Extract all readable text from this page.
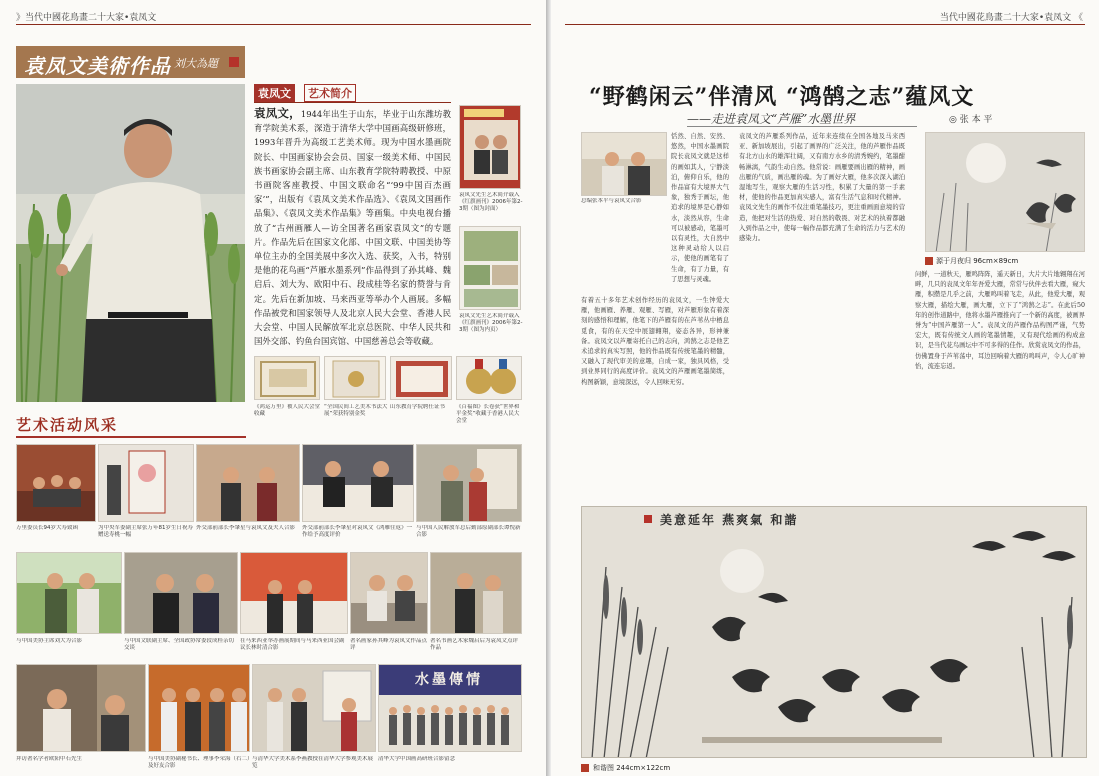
》当代中國花鳥畫二十大家•袁凤文
袁凤文美術作品 刘大為題
袁凤文	艺术简介
袁凤文，1944年出生于山东，毕业于山东潍坊教育学院美术系，深造于清华大学中国画高级研修班，1993年晋升为高级工艺美术师。现为中国水墨画院院长、中国画家协会会员、国家一级美术师、中国民族书画家协会副主席、山东教育学院特聘教授、中原书画院客座教授、中国文联命名“‘99中国百杰画家’”，出版有《袁凤文美术作品选》、《袁凤文国画作品集》、《袁凤文美术作品集》等画集。中央电视台播放了“古州画雁人—访全国著名画家袁凤文”的专题片。作品先后在国家文化部、中国文联、中国美协等单位主办的全国美展中多次入选、获奖，入书，特别是他的花鸟画“芦雁水墨系列”作品得到了孙其峰、魏启后、刘大为、欧阳中石、段成桂等名家的赞誉与肯定。先后在新加坡、马来西亚等举办个人画展。多幅作品被党和国家领导人及北京人民大会堂、香港人民大会堂、中国人民解放军北京总医院、中华人民共和国外交部、钓鱼台国宾馆、中国慈善总会等收藏。
袁凤文先生艺术简介载入《红旗画刊》2006年第2-3期（图为封面）
袁凤文先生艺术简介载入《红旗画刊》2006年第2-3期（图为内页）
《鸿运万里》被人民大会堂收藏
“全国民间工艺美术书法大展”荣获特别金奖
山东教育学院聘任证书	《百福图》长卷获“世界和平金奖”收藏于香港人民大会堂
艺术活动风采
万里委员长94岁大寿致函	为中央军委副主席张万年81岁生日祝寿赠送寿桃一幅
外交部前部长李肇星与袁凤文及夫人合影	外交部前部长李肇星对袁凤文《鸿雁往返》一作给予高度评价
与中国人民解放军总后勤部原副部长谭悦新合影
与中国美协主席刘大为合影	与中国文联副主席、全国政协常委段成桂亲切交谈
在马来西亚举办画展期间与马来西亚国会副议长林时清合影
著名画家孙其峰为袁凤文作品点评
著名书画艺术家魏启后为袁凤文点评作品
水墨傳情
拜访著名学者欧阳中石先生	与中国美协副秘书长、理事李荣海（右二）及好友合影
与清华大学美术系李燕教授在清华大学参观美术展览
清华大学中国画高研班合影留念
当代中國花鳥畫二十大家•袁凤文 《
“野鹤闲云”伴清风 “鸿鹄之志”蕴风文
——走进袁凤文“芦雁”水墨世界	◎ 张 本 平
总编张本平与袁凤文合影
恬然、自然、安然、悠然，中国水墨画院院长袁凤文就是这样的画如其人，宁静淡泊，俯仰自乐，他的作品富有大境界大气象，独秀于画坛，他追求的境界是心静如水，淡然从容，生命可以被感动，笔墨可以有灵性，大自然中这种灵动给人以启示，使他的画笔有了生命，有了力量，有了思想与灵魂。
有着五十多年艺术创作经历的袁凤文，一生钟爱大雁，他画雁、养雁、观雁、写雁，对芦雁形象有着深刻的感悟和理解，他笔下的芦雁有的在芦苇丛中栖息觅食，有的在天空中展翅翱翔，姿态各异，形神兼备。袁凤文以芦雁寄托自己的志向，鸿鹄之志是他艺术追求的真实写照，他的作品既有传统笔墨的精髓，又融入了现代审美的意趣，自成一家，独具风格，受到业界同行的高度评价。袁凤文的芦雁画笔墨简练，构图新颖，意境深远，令人回味无穷。
袁凤文的芦雁系列作品，近年来连续在全国各地及马来西亚、新加坡展出，引起了画界的广泛关注，他的芦雁作品既有北方山水的雄浑壮阔，又有南方水乡的清秀婉约，笔墨酣畅淋漓，气韵生动自然。他常说：画雁要画出雁的精神，画出雁的气质，画出雁的魂。为了画好大雁，他多次深入湖泊湿地写生，观察大雁的生活习性，积累了大量的第一手素材，使他的作品更加真实感人，富有生活气息和时代精神。袁凤文先生的画作不仅注重笔墨技巧，更注重画面意境的营造，他把对生活的热爱、对自然的敬畏、对艺术的执着都融入到作品之中，使每一幅作品都充满了生命的活力与艺术的感染力。
源于月夜归 96cm×89cm
问鲜，一道秋天，雁鸣阵阵，遥天新日，大片大片地翱翔在河畔，几只的袁凤文年年吾爱大雁，常常与伙伴去看大雁，窥大雁，积攒是几乎之前，大雁鸣叫着飞走，从此，他爱大雁，观察大雁，描绘大雁，画大雁，立下了“鸿鹄之志”。在此后50年的创作道路中，他将水墨芦雁推向了一个新的高度，被画界誉为“中国芦雁第一人”。袁凤文的芦雁作品构图严谨，气势宏大，既有传统文人画的笔墨情趣，又有现代绘画的构成意识，是当代花鸟画坛中不可多得的佳作。欣赏袁凤文的作品，仿佛置身于芦苇荡中，耳边回响着大雁的鸣叫声，令人心旷神怡，流连忘返。
美意延年 燕爽氣 和諧
和谐图 244cm×122cm
